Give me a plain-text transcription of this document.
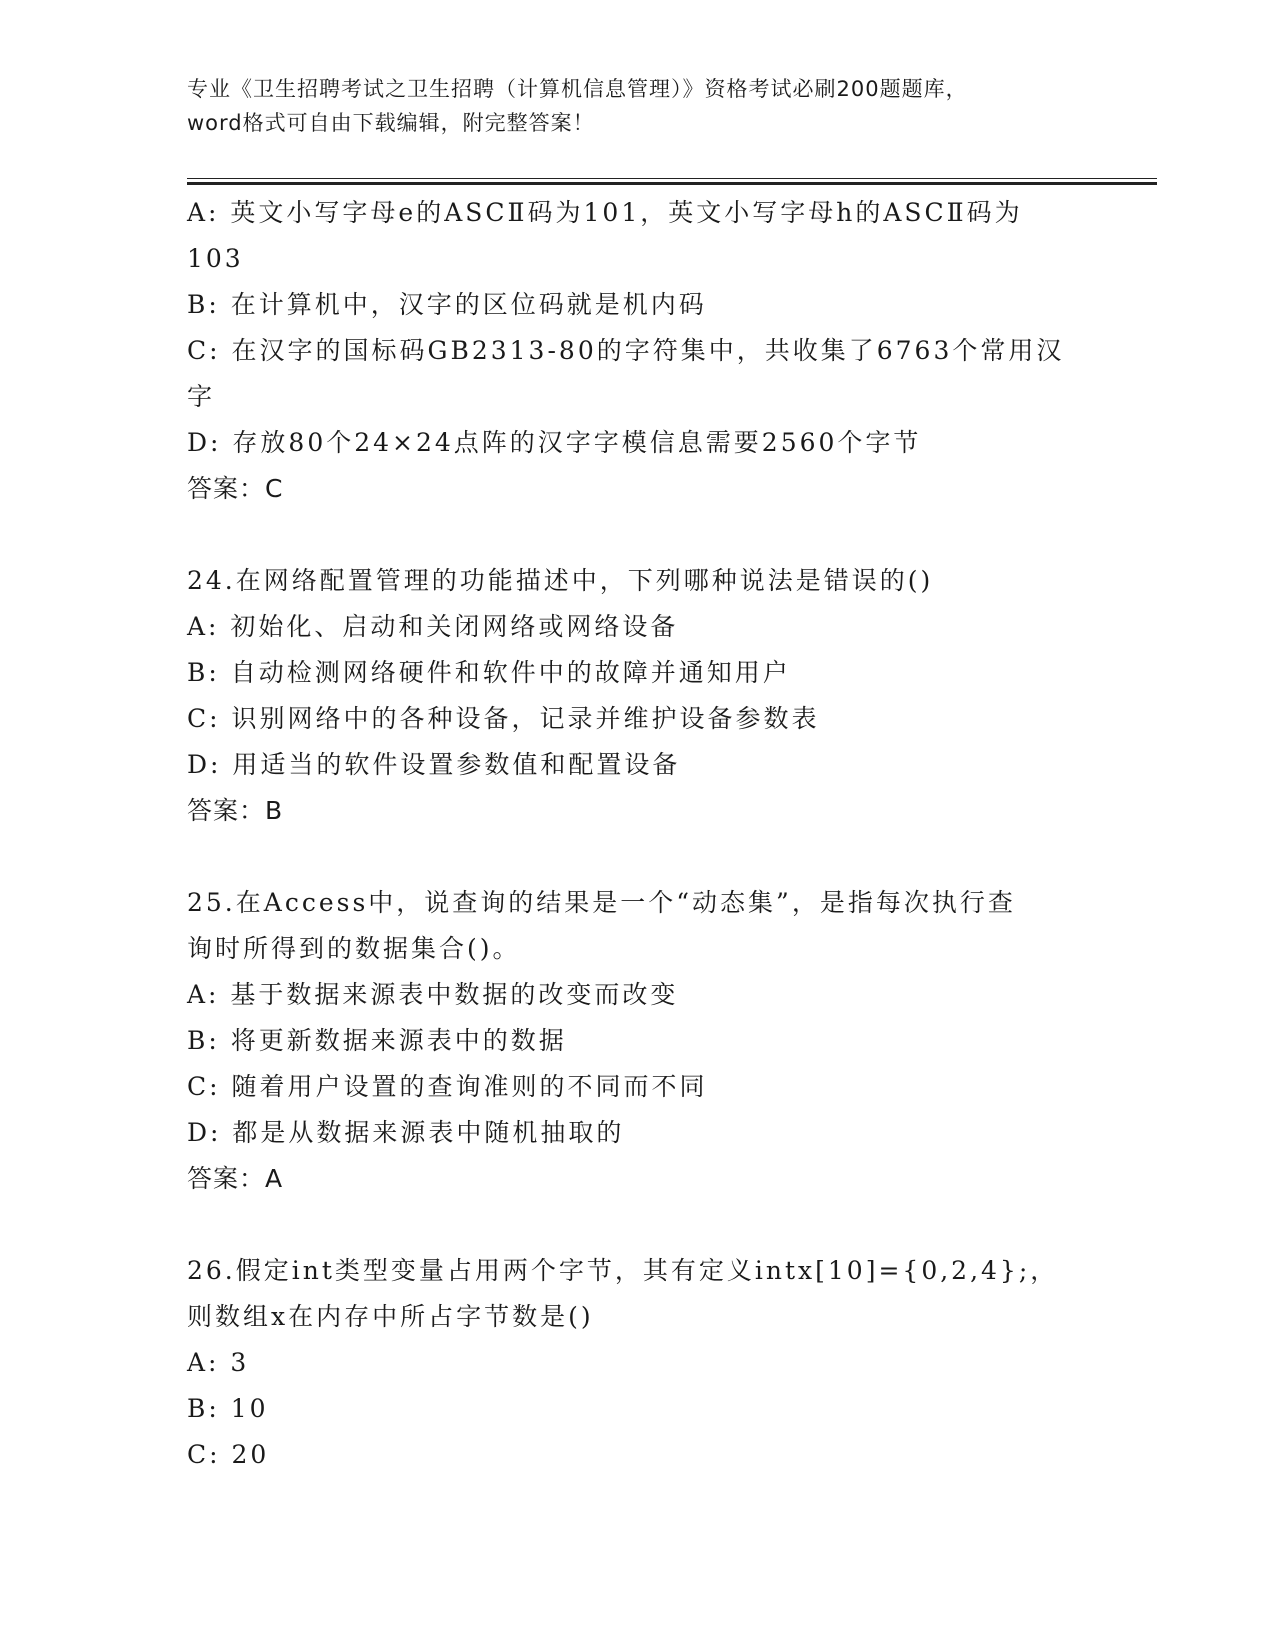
专业《卫生招聘考试之卫生招聘（计算机信息管理）》资格考试必刷200题题库，
word格式可自由下载编辑，附完整答案！
A: 英文小写字母e的ASCⅡ码为101，英文小写字母h的ASCⅡ码为
103
B: 在计算机中，汉字的区位码就是机内码
C: 在汉字的国标码GB2313-80的字符集中，共收集了6763个常用汉
字
D: 存放80个24×24点阵的汉字字模信息需要2560个字节
答案：C
24.在网络配置管理的功能描述中，下列哪种说法是错误的()
A: 初始化、启动和关闭网络或网络设备
B: 自动检测网络硬件和软件中的故障并通知用户
C: 识别网络中的各种设备，记录并维护设备参数表
D: 用适当的软件设置参数值和配置设备
答案：B
25.在Access中，说查询的结果是一个“动态集”，是指每次执行查
询时所得到的数据集合()。
A: 基于数据来源表中数据的改变而改变
B: 将更新数据来源表中的数据
C: 随着用户设置的查询准则的不同而不同
D: 都是从数据来源表中随机抽取的
答案：A
26.假定int类型变量占用两个字节，其有定义intx[10]={0,2,4};，
则数组x在内存中所占字节数是()
A: 3
B: 10
C: 20
